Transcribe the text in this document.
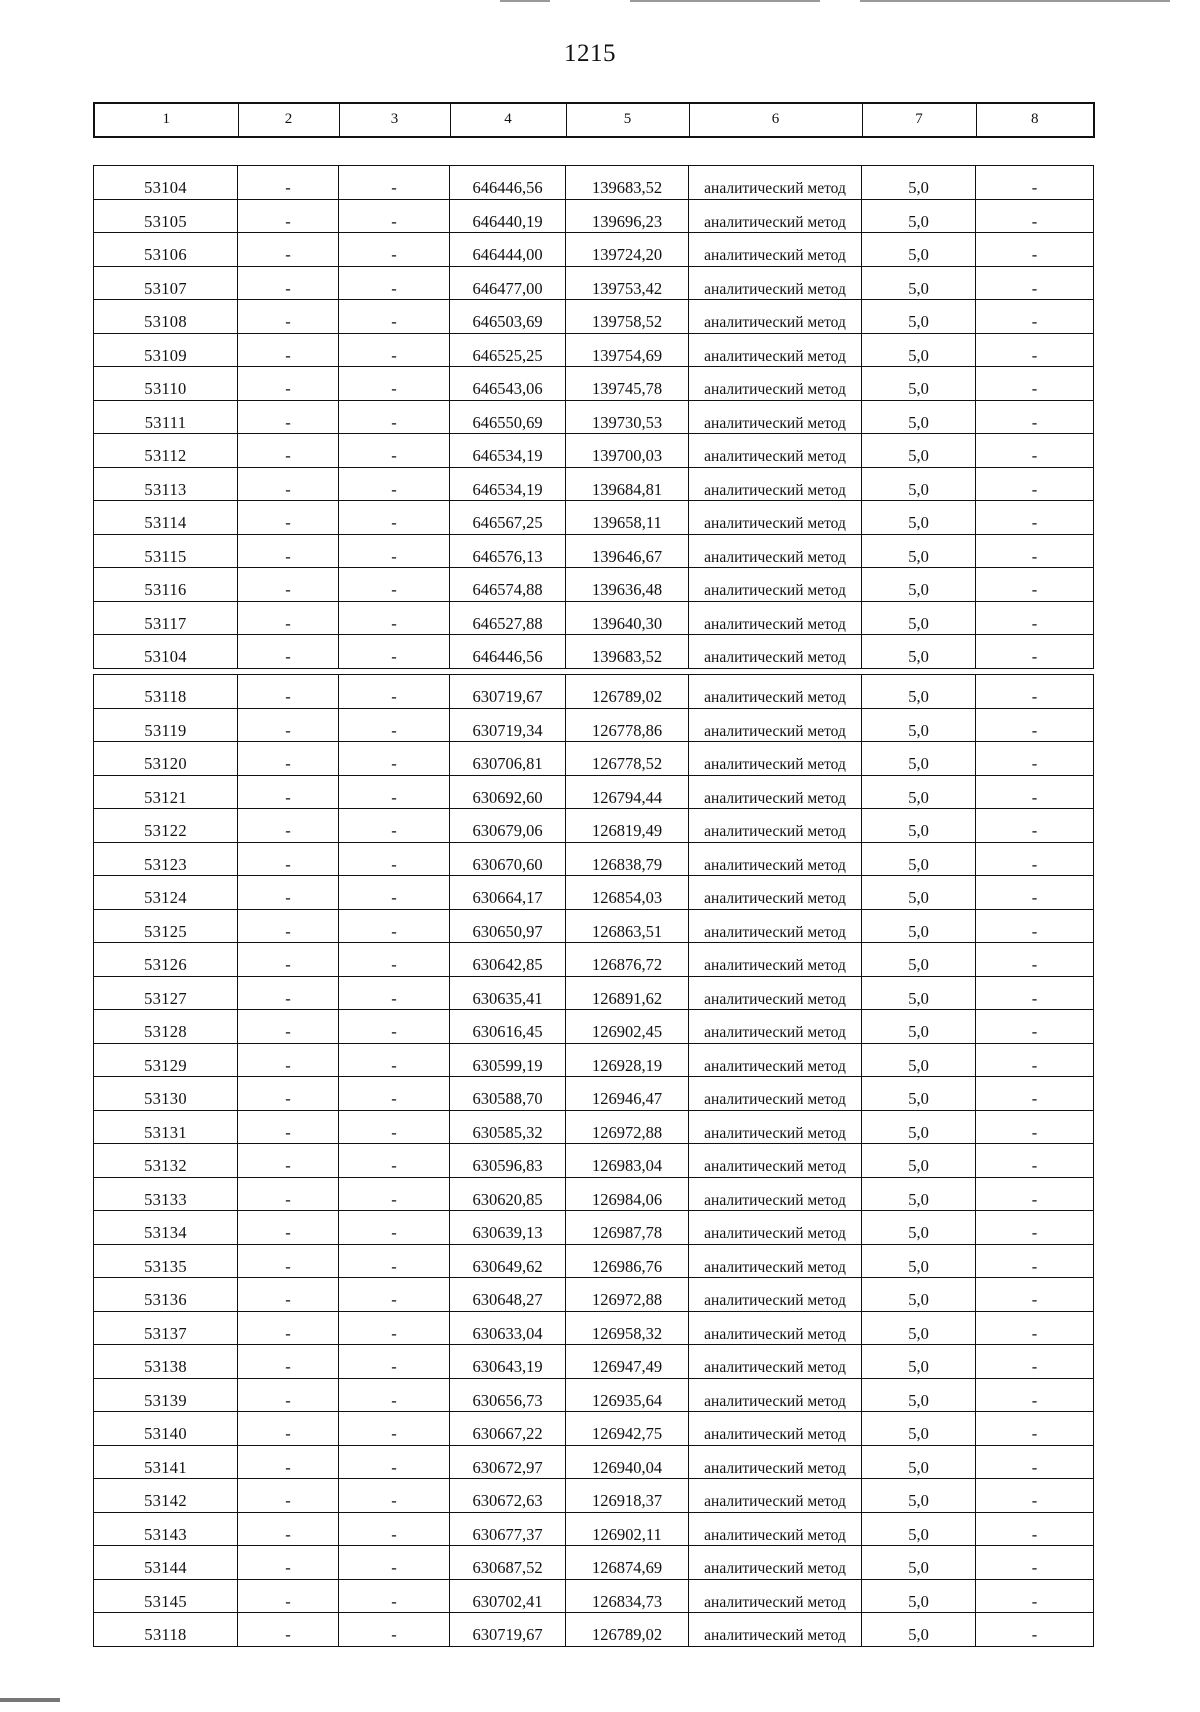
1215
1	2	3	4	5	6	7	8
53104	-	-	646446,56	139683,52	аналитический метод	5,0	-
53105	-	-	646440,19	139696,23	аналитический метод	5,0	-
53106	-	-	646444,00	139724,20	аналитический метод	5,0	-
53107	-	-	646477,00	139753,42	аналитический метод	5,0	-
53108	-	-	646503,69	139758,52	аналитический метод	5,0	-
53109	-	-	646525,25	139754,69	аналитический метод	5,0	-
53110	-	-	646543,06	139745,78	аналитический метод	5,0	-
53111	-	-	646550,69	139730,53	аналитический метод	5,0	-
53112	-	-	646534,19	139700,03	аналитический метод	5,0	-
53113	-	-	646534,19	139684,81	аналитический метод	5,0	-
53114	-	-	646567,25	139658,11	аналитический метод	5,0	-
53115	-	-	646576,13	139646,67	аналитический метод	5,0	-
53116	-	-	646574,88	139636,48	аналитический метод	5,0	-
53117	-	-	646527,88	139640,30	аналитический метод	5,0	-
53104	-	-	646446,56	139683,52	аналитический метод	5,0	-
53118	-	-	630719,67	126789,02	аналитический метод	5,0	-
53119	-	-	630719,34	126778,86	аналитический метод	5,0	-
53120	-	-	630706,81	126778,52	аналитический метод	5,0	-
53121	-	-	630692,60	126794,44	аналитический метод	5,0	-
53122	-	-	630679,06	126819,49	аналитический метод	5,0	-
53123	-	-	630670,60	126838,79	аналитический метод	5,0	-
53124	-	-	630664,17	126854,03	аналитический метод	5,0	-
53125	-	-	630650,97	126863,51	аналитический метод	5,0	-
53126	-	-	630642,85	126876,72	аналитический метод	5,0	-
53127	-	-	630635,41	126891,62	аналитический метод	5,0	-
53128	-	-	630616,45	126902,45	аналитический метод	5,0	-
53129	-	-	630599,19	126928,19	аналитический метод	5,0	-
53130	-	-	630588,70	126946,47	аналитический метод	5,0	-
53131	-	-	630585,32	126972,88	аналитический метод	5,0	-
53132	-	-	630596,83	126983,04	аналитический метод	5,0	-
53133	-	-	630620,85	126984,06	аналитический метод	5,0	-
53134	-	-	630639,13	126987,78	аналитический метод	5,0	-
53135	-	-	630649,62	126986,76	аналитический метод	5,0	-
53136	-	-	630648,27	126972,88	аналитический метод	5,0	-
53137	-	-	630633,04	126958,32	аналитический метод	5,0	-
53138	-	-	630643,19	126947,49	аналитический метод	5,0	-
53139	-	-	630656,73	126935,64	аналитический метод	5,0	-
53140	-	-	630667,22	126942,75	аналитический метод	5,0	-
53141	-	-	630672,97	126940,04	аналитический метод	5,0	-
53142	-	-	630672,63	126918,37	аналитический метод	5,0	-
53143	-	-	630677,37	126902,11	аналитический метод	5,0	-
53144	-	-	630687,52	126874,69	аналитический метод	5,0	-
53145	-	-	630702,41	126834,73	аналитический метод	5,0	-
53118	-	-	630719,67	126789,02	аналитический метод	5,0	-
